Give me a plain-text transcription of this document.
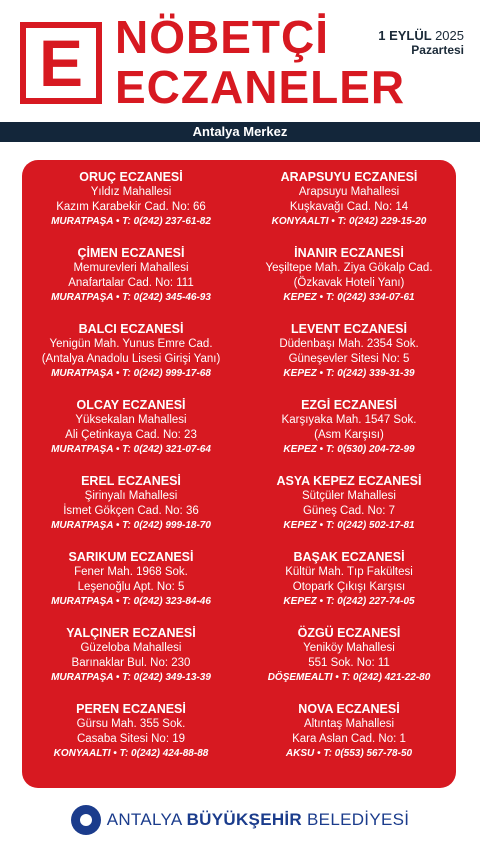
E NÖBETÇİ
ECZANELER
1 EYLÜL 2025
Pazartesi
Antalya Merkez
ORUÇ ECZANESİ
Yıldız Mahallesi
Kazım Karabekir Cad. No: 66
MURATPAŞA • T: 0(242) 237-61-82
ÇİMEN ECZANESİ
Memurevleri Mahallesi
Anafartalar Cad. No: 111
MURATPAŞA • T: 0(242) 345-46-93
BALCI ECZANESİ
Yenigün Mah. Yunus Emre Cad.
(Antalya Anadolu Lisesi Girişi Yanı)
MURATPAŞA • T: 0(242) 999-17-68
OLCAY ECZANESİ
Yüksekalan Mahallesi
Ali Çetinkaya Cad. No: 23
MURATPAŞA • T: 0(242) 321-07-64
EREL ECZANESİ
Şirinyalı Mahallesi
İsmet Gökçen Cad. No: 36
MURATPAŞA • T: 0(242) 999-18-70
SARIKUM ECZANESİ
Fener Mah. 1968 Sok.
Leşenoğlu Apt. No: 5
MURATPAŞA • T: 0(242) 323-84-46
YALÇINER ECZANESİ
Güzeloba Mahallesi
Barınaklar Bul. No: 230
MURATPAŞA • T: 0(242) 349-13-39
PEREN ECZANESİ
Gürsu Mah. 355 Sok.
Casaba Sitesi No: 19
KONYAALTI • T: 0(242) 424-88-88
ARAPSUYU ECZANESİ
Arapsuyu Mahallesi
Kuşkavağı Cad. No: 14
KONYAALTI • T: 0(242) 229-15-20
İNANIR ECZANESİ
Yeşiltepe Mah. Ziya Gökalp Cad.
(Özkavak Hoteli Yanı)
KEPEZ • T: 0(242) 334-07-61
LEVENT ECZANESİ
Düdenbaşı Mah. 2354 Sok.
Güneşevler Sitesi No: 5
KEPEZ • T: 0(242) 339-31-39
EZGİ ECZANESİ
Karşıyaka Mah. 1547 Sok.
(Asm Karşısı)
KEPEZ • T: 0(530) 204-72-99
ASYA KEPEZ ECZANESİ
Sütçüler Mahallesi
Güneş Cad. No: 7
KEPEZ • T: 0(242) 502-17-81
BAŞAK ECZANESİ
Kültür Mah. Tıp Fakültesi
Otopark Çıkışı Karşısı
KEPEZ • T: 0(242) 227-74-05
ÖZGÜ ECZANESİ
Yeniköy Mahallesi
551 Sok. No: 11
DÖŞEMEALTI • T: 0(242) 421-22-80
NOVA ECZANESİ
Altıntaş Mahallesi
Kara Aslan Cad. No: 1
AKSU • T: 0(553) 567-78-50
ANTALYA BÜYÜKŞEHİR BELEDİYESİ
